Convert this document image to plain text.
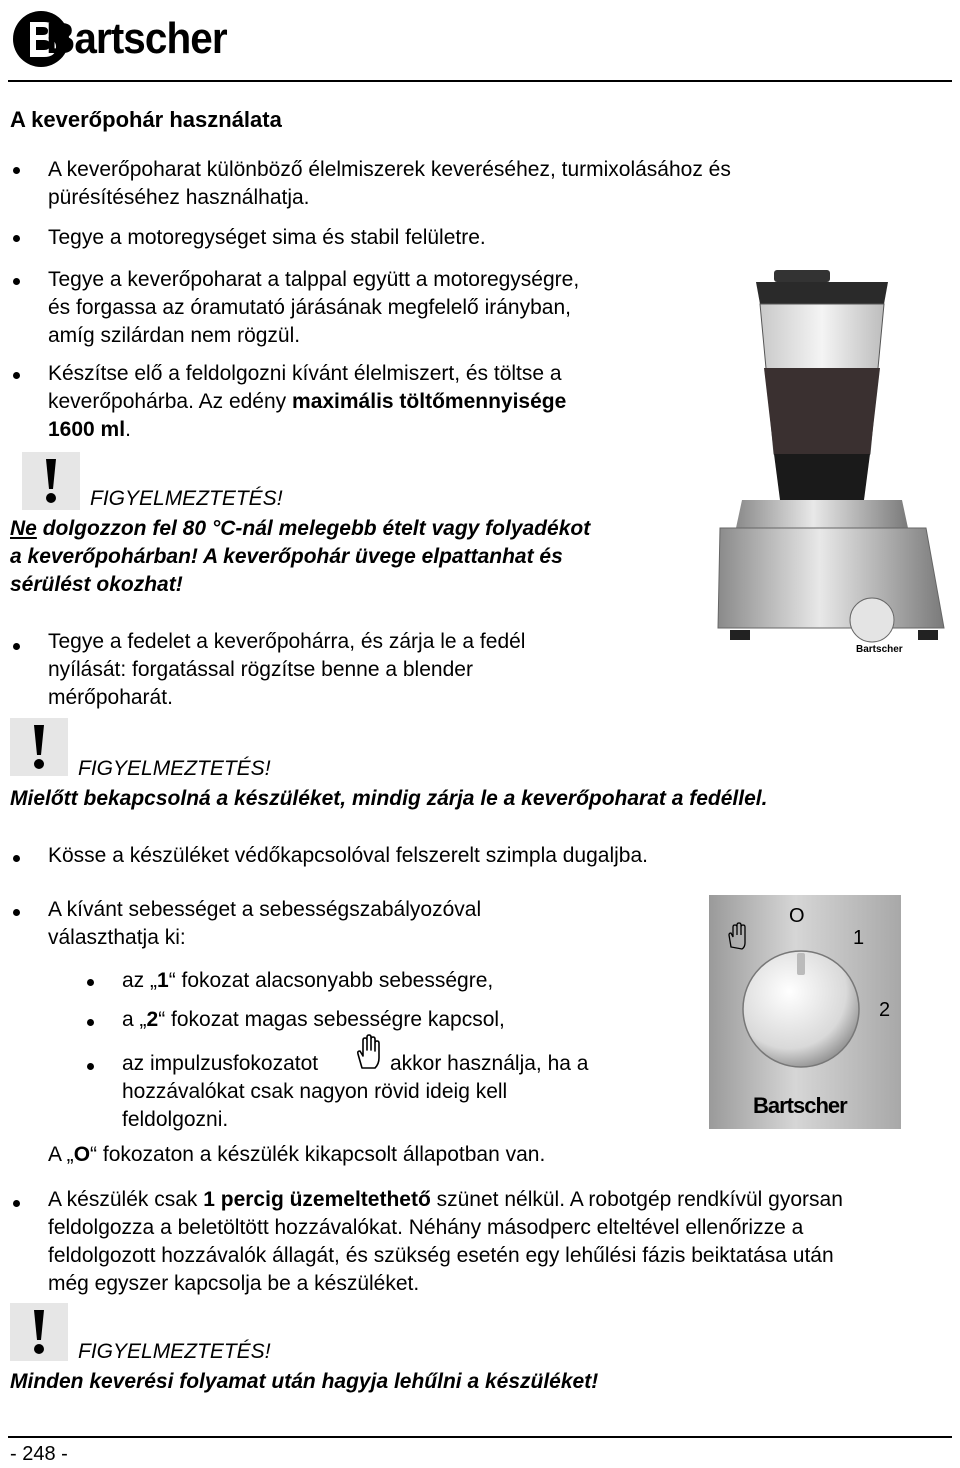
Bartscher
A keverőpohár használata
A keverőpoharat különböző élelmiszerek keveréséhez, turmixolásához és
pürésítéséhez használhatja.
Tegye a motoregységet sima és stabil felületre.
Tegye a keverőpoharat a talppal együtt a motoregységre,
és forgassa az óramutató járásának megfelelő irányban,
amíg szilárdan nem rögzül.
Készítse elő a feldolgozni kívánt élelmiszert, és töltse a
keverőpohárba. Az edény maximális töltőmennyisége
1600 ml.
FIGYELMEZTETÉS!
Ne dolgozzon fel 80 °C-nál melegebb ételt vagy folyadékot
a keverőpohárban! A keverőpohár üvege elpattanhat és
sérülést okozhat!
Bartscher
Tegye a fedelet a keverőpohárra, és zárja le a fedél
nyílását: forgatással rögzítse benne a blender
mérőpoharát.
FIGYELMEZTETÉS!
Mielőtt bekapcsolná a készüléket, mindig zárja le a keverőpoharat a fedéllel.
Kösse a készüléket védőkapcsolóval felszerelt szimpla dugaljba.
A kívánt sebességet a sebességszabályozóval
választhatja ki:
az „1“ fokozat alacsonyabb sebességre,
a „2“ fokozat magas sebességre kapcsol,
az impulzusfokozatot	akkor használja, ha a
hozzávalókat csak nagyon rövid ideig kell
feldolgozni.
A „O“ fokozaton a készülék kikapcsolt állapotban van.
O
1
2
Bartscher
A készülék csak 1 percig üzemeltethető szünet nélkül. A robotgép rendkívül gyorsan
feldolgozza a beletöltött hozzávalókat. Néhány másodperc elteltével ellenőrizze a
feldolgozott hozzávalók állagát, és szükség esetén egy lehűlési fázis beiktatása után
még egyszer kapcsolja be a készüléket.
FIGYELMEZTETÉS!
Minden keverési folyamat után hagyja lehűlni a készüléket!
- 248 -
